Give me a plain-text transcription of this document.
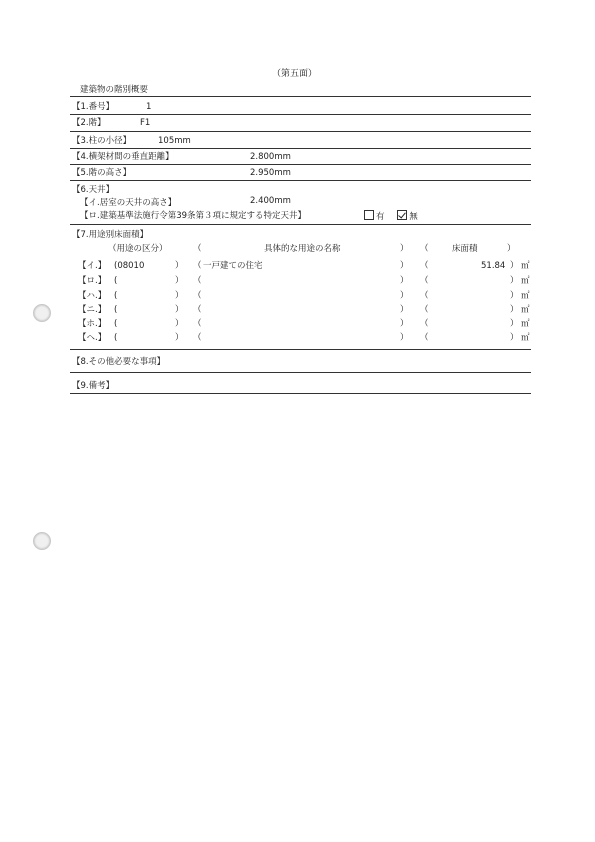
（第五面）
建築物の階別概要
【1.番号】	1
【2.階】	F1
【3.柱の小径】	105mm
【4.横架材間の垂直距離】	2.800mm
【5.階の高さ】	2.950mm
【6.天井】
【イ.居室の天井の高さ】	2.400mm
【ロ.建築基準法施行令第39条第３項に規定する特定天井】	有	無
【7.用途別床面積】
（用途の区分）	（	具体的な用途の名称	） （	床面積	）
【イ.】 (08010	） （ 一戸建ての住宅	） （	51.84 ） ㎡
【ロ.】 (	） （	） （	） ㎡
【ハ.】 (	） （	） （	） ㎡
【ニ.】 (	） （	） （	） ㎡
【ホ.】 (	） （	） （	） ㎡
【ヘ.】 (	） （	） （	） ㎡
【8.その他必要な事項】
【9.備考】
